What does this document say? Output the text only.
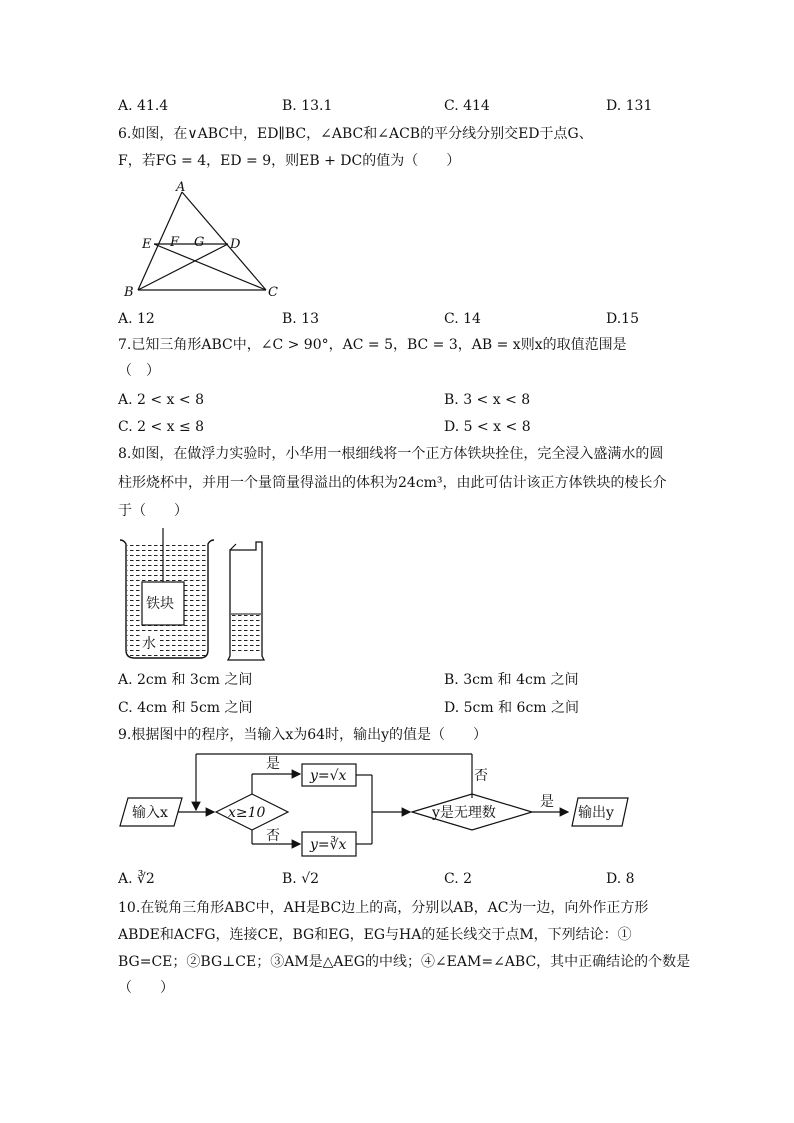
A. 41.4	B. 13.1	C. 414	D. 131
6.如图，在∨ABC中，ED∥BC，∠ABC和∠ACB的平分线分别交ED于点G、
F，若FG = 4，ED = 9，则EB + DC的值为（　　）
A
E F G D
B	C
A. 12	B. 13	C. 14	D.15
7.已知三角形ABC中，∠C > 90°，AC = 5，BC = 3，AB = x则x的取值范围是
（　）
A. 2 < x < 8	B. 3 < x < 8
C. 2 < x ≤ 8	D. 5 < x < 8
8.如图，在做浮力实验时，小华用一根细线将一个正方体铁块拴住，完全浸入盛满水的圆
柱形烧杯中，并用一个量筒量得溢出的体积为24cm³，由此可估计该正方体铁块的棱长介
于（　　）
铁块
水
A. 2cm 和 3cm 之间	B. 3cm 和 4cm 之间
C. 4cm 和 5cm 之间	D. 5cm 和 6cm 之间
9.根据图中的程序，当输入x为64时，输出y的值是（　　）
输入x	x≥10
是
否
y=√x
y=∛x
y是无理数
是
否
输出y
A. ∛2	B. √2	C. 2	D. 8
10.在锐角三角形ABC中，AH是BC边上的高，分别以AB，AC为一边，向外作正方形
ABDE和ACFG，连接CE，BG和EG，EG与HA的延长线交于点M，下列结论：①
BG=CE；②BG⊥CE；③AM是△AEG的中线；④∠EAM=∠ABC，其中正确结论的个数是
（　　）
